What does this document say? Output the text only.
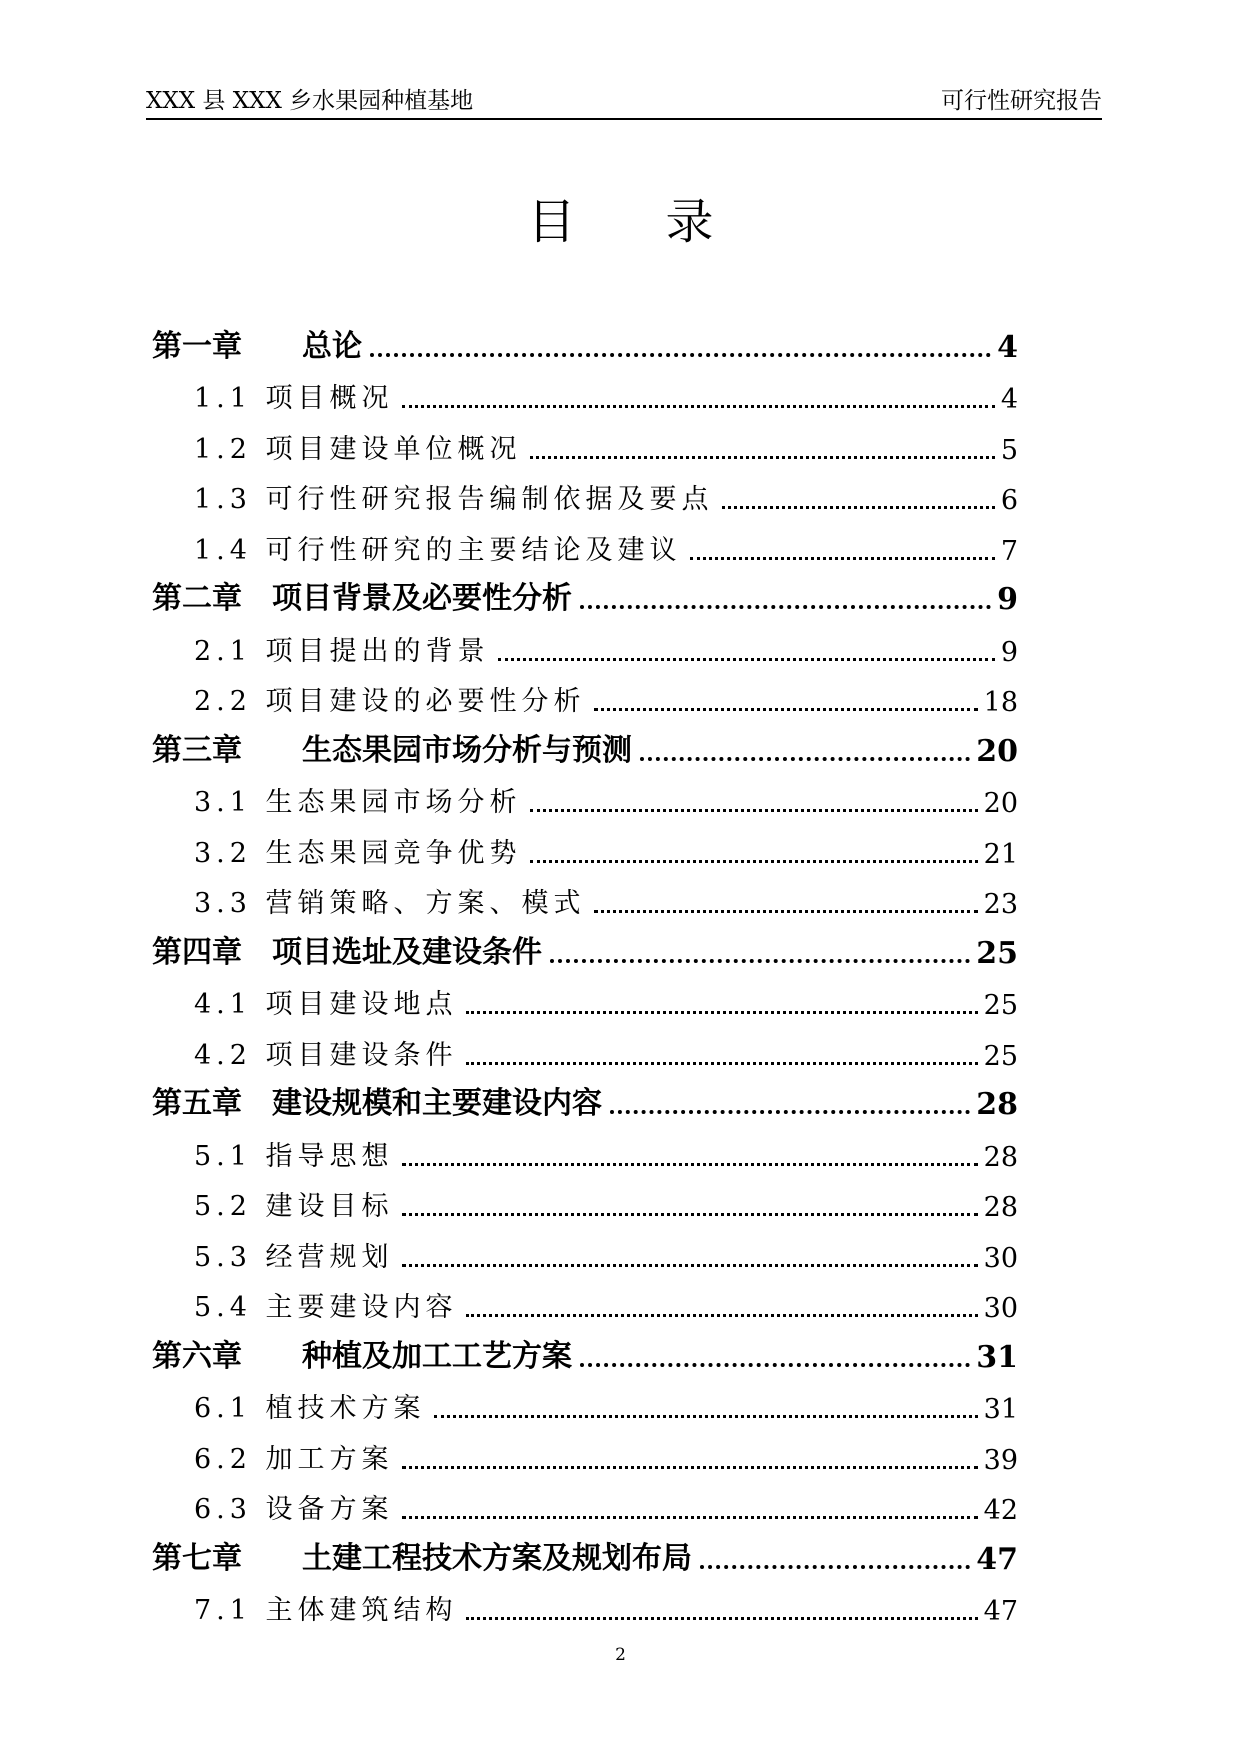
XXX 县 XXX 乡水果园种植基地	可行性研究报告
目录
第一章　　总论	4
1.1 项目概况	4
1.2 项目建设单位概况	5
1.3 可行性研究报告编制依据及要点	6
1.4 可行性研究的主要结论及建议	7
第二章　项目背景及必要性分析	9
2.1 项目提出的背景	9
2.2 项目建设的必要性分析	18
第三章　　生态果园市场分析与预测	20
3.1 生态果园市场分析	20
3.2 生态果园竞争优势	21
3.3 营销策略、方案、模式	23
第四章　项目选址及建设条件	25
4.1 项目建设地点	25
4.2 项目建设条件	25
第五章　建设规模和主要建设内容	28
5.1 指导思想	28
5.2 建设目标	28
5.3 经营规划	30
5.4 主要建设内容	30
第六章　　种植及加工工艺方案	31
6.1 植技术方案	31
6.2 加工方案	39
6.3 设备方案	42
第七章　　土建工程技术方案及规划布局	47
7.1 主体建筑结构	47
2
